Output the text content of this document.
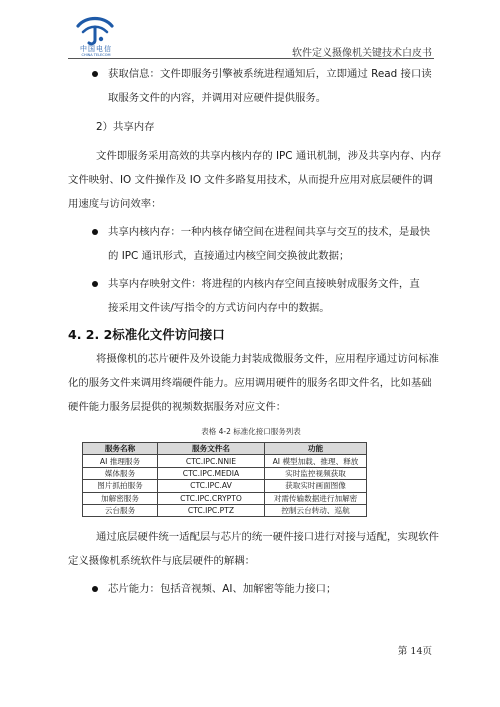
中国电信
CHINA TELECOM	软件定义摄像机关键技术白皮书
获取信息：文件即服务引擎被系统进程通知后，立即通过 Read 接口读
取服务文件的内容，并调用对应硬件提供服务。
2）共享内存
文件即服务采用高效的共享内核内存的 IPC 通讯机制，涉及共享内存、内存
文件映射、IO 文件操作及 IO 文件多路复用技术，从而提升应用对底层硬件的调
用速度与访问效率：
共享内核内存：一种内核存储空间在进程间共享与交互的技术，是最快
的 IPC 通讯形式，直接通过内核空间交换彼此数据；
共享内存映射文件：将进程的内核内存空间直接映射成服务文件，直
接采用文件读/写指令的方式访问内存中的数据。
4. 2. 2标准化文件访问接口
将摄像机的芯片硬件及外设能力封装成微服务文件，应用程序通过访问标准
化的服务文件来调用终端硬件能力。应用调用硬件的服务名即文件名，比如基础
硬件能力服务层提供的视频数据服务对应文件：
表格 4-2 标准化接口服务列表
服务名称	服务文件名	功能
AI 推理服务	CTC.IPC.NNIE	AI 模型加载、推理、释放
媒体服务	CTC.IPC.MEDIA	实时监控视频获取
图片抓拍服务	CTC.IPC.AV	获取实时画面图像
加解密服务	CTC.IPC.CRYPTO	对需传输数据进行加解密
云台服务	CTC.IPC.PTZ	控制云台转动、巡航
通过底层硬件统一适配层与芯片的统一硬件接口进行对接与适配，实现软件
定义摄像机系统软件与底层硬件的解耦：
芯片能力：包括音视频、AI、加解密等能力接口；
第 14页
